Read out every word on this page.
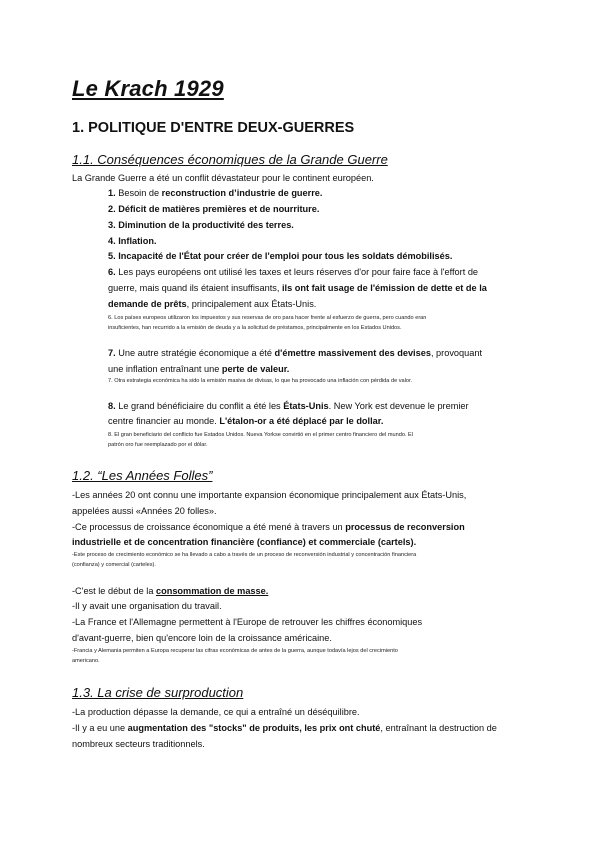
Le Krach 1929
1. POLITIQUE D'ENTRE DEUX-GUERRES
1.1. Conséquences économiques de la Grande Guerre
La Grande Guerre a été un conflit dévastateur pour le continent européen.
1. Besoin de reconstruction d’industrie de guerre.
2. Déficit de matières premières et de nourriture.
3. Diminution de la productivité des terres.
4. Inflation.
5. Incapacité de l'État pour créer de l'emploi pour tous les soldats démobilisés.
6. Les pays européens ont utilisé les taxes et leurs réserves d'or pour faire face à l'effort de
guerre, mais quand ils étaient insuffisants, ils ont fait usage de l'émission de dette et de la
demande de prêts, principalement aux États-Unis.
6. Los países europeos utilizaron los impuestos y sus reservas de oro para hacer frente al esfuerzo de guerra, pero cuando eran
insuficientes, han recurrido a la emisión de deuda y a la solicitud de préstamos, principalmente en los Estados Unidos.
7. Une autre stratégie économique a été d'émettre massivement des devises, provoquant
une inflation entraînant une perte de valeur.
7. Otra estrategia económica ha sido la emisión masiva de divisas, lo que ha provocado una inflación con pérdida de valor.
8. Le grand bénéficiaire du conflit a été les États-Unis. New York est devenue le premier
centre financier au monde. L'étalon-or a été déplacé par le dollar.
8. El gran beneficiario del conflicto fue Estados Unidos. Nueva Yorkse convirtió en el primer centro financiero del mundo. El
patrón oro fue reemplazado por el dólar.
1.2. “Les Années Folles”
-Les années 20 ont connu une importante expansion économique principalement aux États-Unis,
appelées aussi «Années 20 folles».
-Ce processus de croissance économique a été mené à travers un processus de reconversion
industrielle et de concentration financière (confiance) et commerciale (cartels).
-Este proceso de crecimiento económico se ha llevado a cabo a través de un proceso de reconversión industrial y concentración financiera
(confianza) y comercial (carteles).
-C'est le début de la consommation de masse.
-Il y avait une organisation du travail.
-La France et l'Allemagne permettent à l'Europe de retrouver les chiffres économiques
d'avant-guerre, bien qu'encore loin de la croissance américaine.
-Francia y Alemania permiten a Europa recuperar las cifras económicas de antes de la guerra, aunque todavía lejos del crecimiento
americano.
1.3. La crise de surproduction
-La production dépasse la demande, ce qui a entraîné un déséquilibre.
-Il y a eu une augmentation des "stocks" de produits, les prix ont chuté, entraînant la destruction de
nombreux secteurs traditionnels.
